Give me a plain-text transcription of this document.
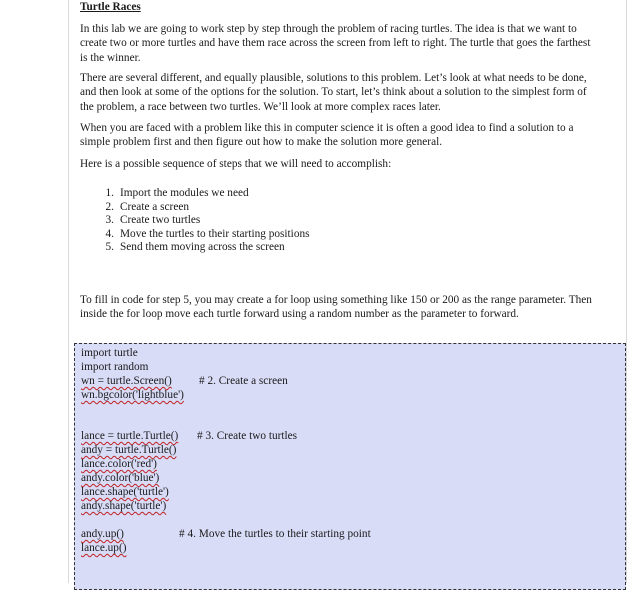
Turtle Races

In this lab we are going to work step by step through the problem of racing turtles. The idea is that we want to create two or more turtles and have them race across the screen from left to right. The turtle that goes the farthest is the winner.

There are several different, and equally plausible, solutions to this problem. Let’s look at what needs to be done, and then look at some of the options for the solution. To start, let’s think about a solution to the simplest form of the problem, a race between two turtles. We’ll look at more complex races later.

When you are faced with a problem like this in computer science it is often a good idea to find a solution to a simple problem first and then figure out how to make the solution more general.

Here is a possible sequence of steps that we will need to accomplish:

1. Import the modules we need
2. Create a screen
3. Create two turtles
4. Move the turtles to their starting positions
5. Send them moving across the screen

To fill in code for step 5, you may create a for loop using something like 150 or 200 as the range parameter. Then inside the for loop move each turtle forward using a random number as the parameter to forward.

import turtle
import random
wn = turtle.Screen() # 2. Create a screen
wn.bgcolor('lightblue')
lance = turtle.Turtle() # 3. Create two turtles
andy = turtle.Turtle()
lance.color('red')
andy.color('blue')
lance.shape('turtle')
andy.shape('turtle')
andy.up()	# 4. Move the turtles to their starting point
lance.up()
